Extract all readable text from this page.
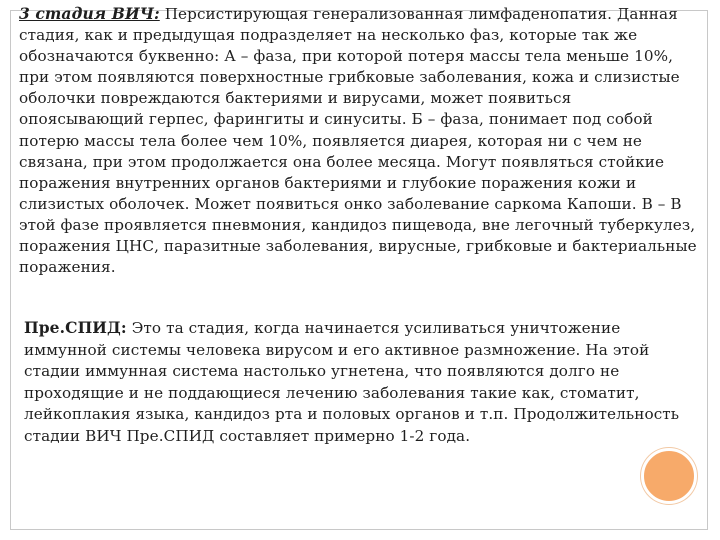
3 стадия ВИЧ: Персистирующая генерализованная лимфаденопатия. Данная стадия, как и предыдущая подразделяет на несколько фаз, которые так же обозначаются буквенно: А – фаза, при которой потеря массы тела меньше 10%, при этом появляются поверхностные грибковые заболевания, кожа и слизистые оболочки повреждаются бактериями и вирусами, может появиться опоясывающий герпес, фарингиты и синуситы. Б – фаза, понимает под собой потерю массы тела более чем 10%, появляется диарея, которая ни с чем не связана, при этом продолжается она более месяца. Могут появляться стойкие поражения внутренних органов бактериями и глубокие поражения кожи и слизистых оболочек. Может появиться онко заболевание саркома Капоши. В – В этой фазе проявляется пневмония, кандидоз пищевода, вне легочный туберкулез, поражения ЦНС, паразитные заболевания, вирусные, грибковые и бактериальные поражения.

Пре.СПИД: Это та стадия, когда начинается усиливаться уничтожение иммунной системы человека вирусом и его активное размножение. На этой стадии иммунная система настолько угнетена, что появляются долго не проходящие и не поддающиеся лечению заболевания такие как, стоматит, лейкоплакия языка, кандидоз рта и половых органов и т.п. Продолжительность стадии ВИЧ Пре.СПИД составляет примерно 1-2 года.
